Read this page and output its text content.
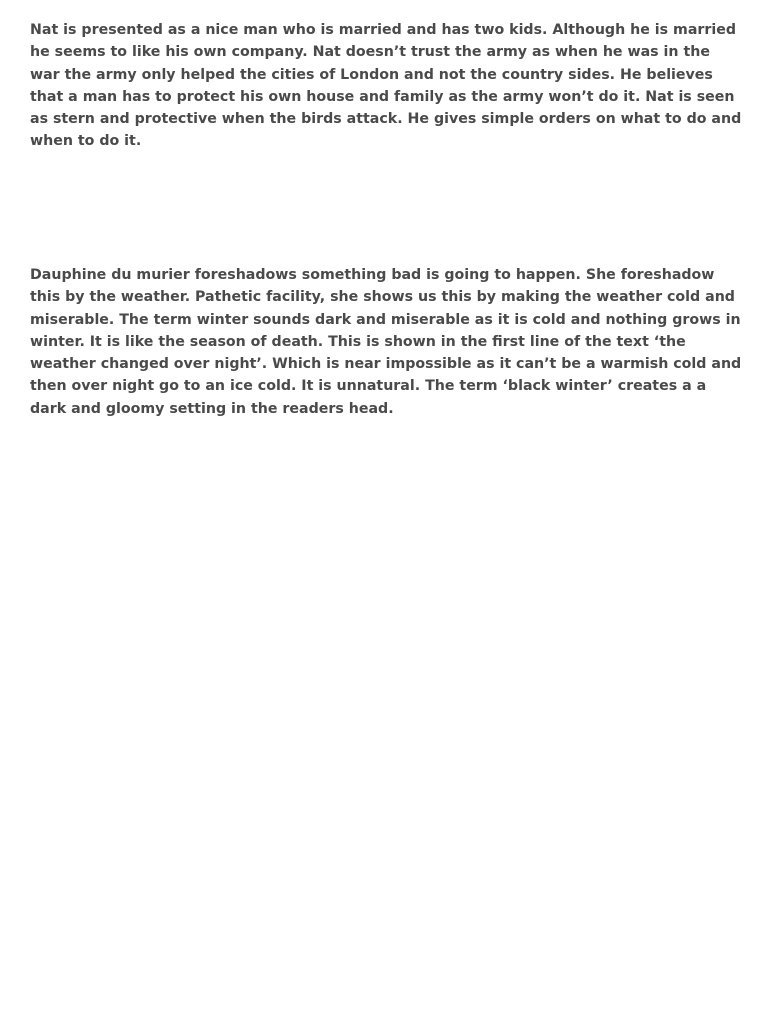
Nat is presented as a nice man who is married and has two kids. Although he is married he seems to like his own company. Nat doesn’t trust the army as when he was in the war the army only helped the cities of London and not the country sides. He believes that a man has to protect his own house and family as the army won’t do it. Nat is seen as stern and protective when the birds attack. He gives simple orders on what to do and when to do it.

Dauphine du murier foreshadows something bad is going to happen. She foreshadow this by the weather. Pathetic facility, she shows us this by making the weather cold and miserable. The term winter sounds dark and miserable as it is cold and nothing grows in winter. It is like the season of death. This is shown in the first line of the text ‘the weather changed over night’. Which is near impossible as it can’t be a warmish cold and then over night go to an ice cold. It is unnatural. The term ‘black winter’ creates a a dark and gloomy setting in the readers head.
